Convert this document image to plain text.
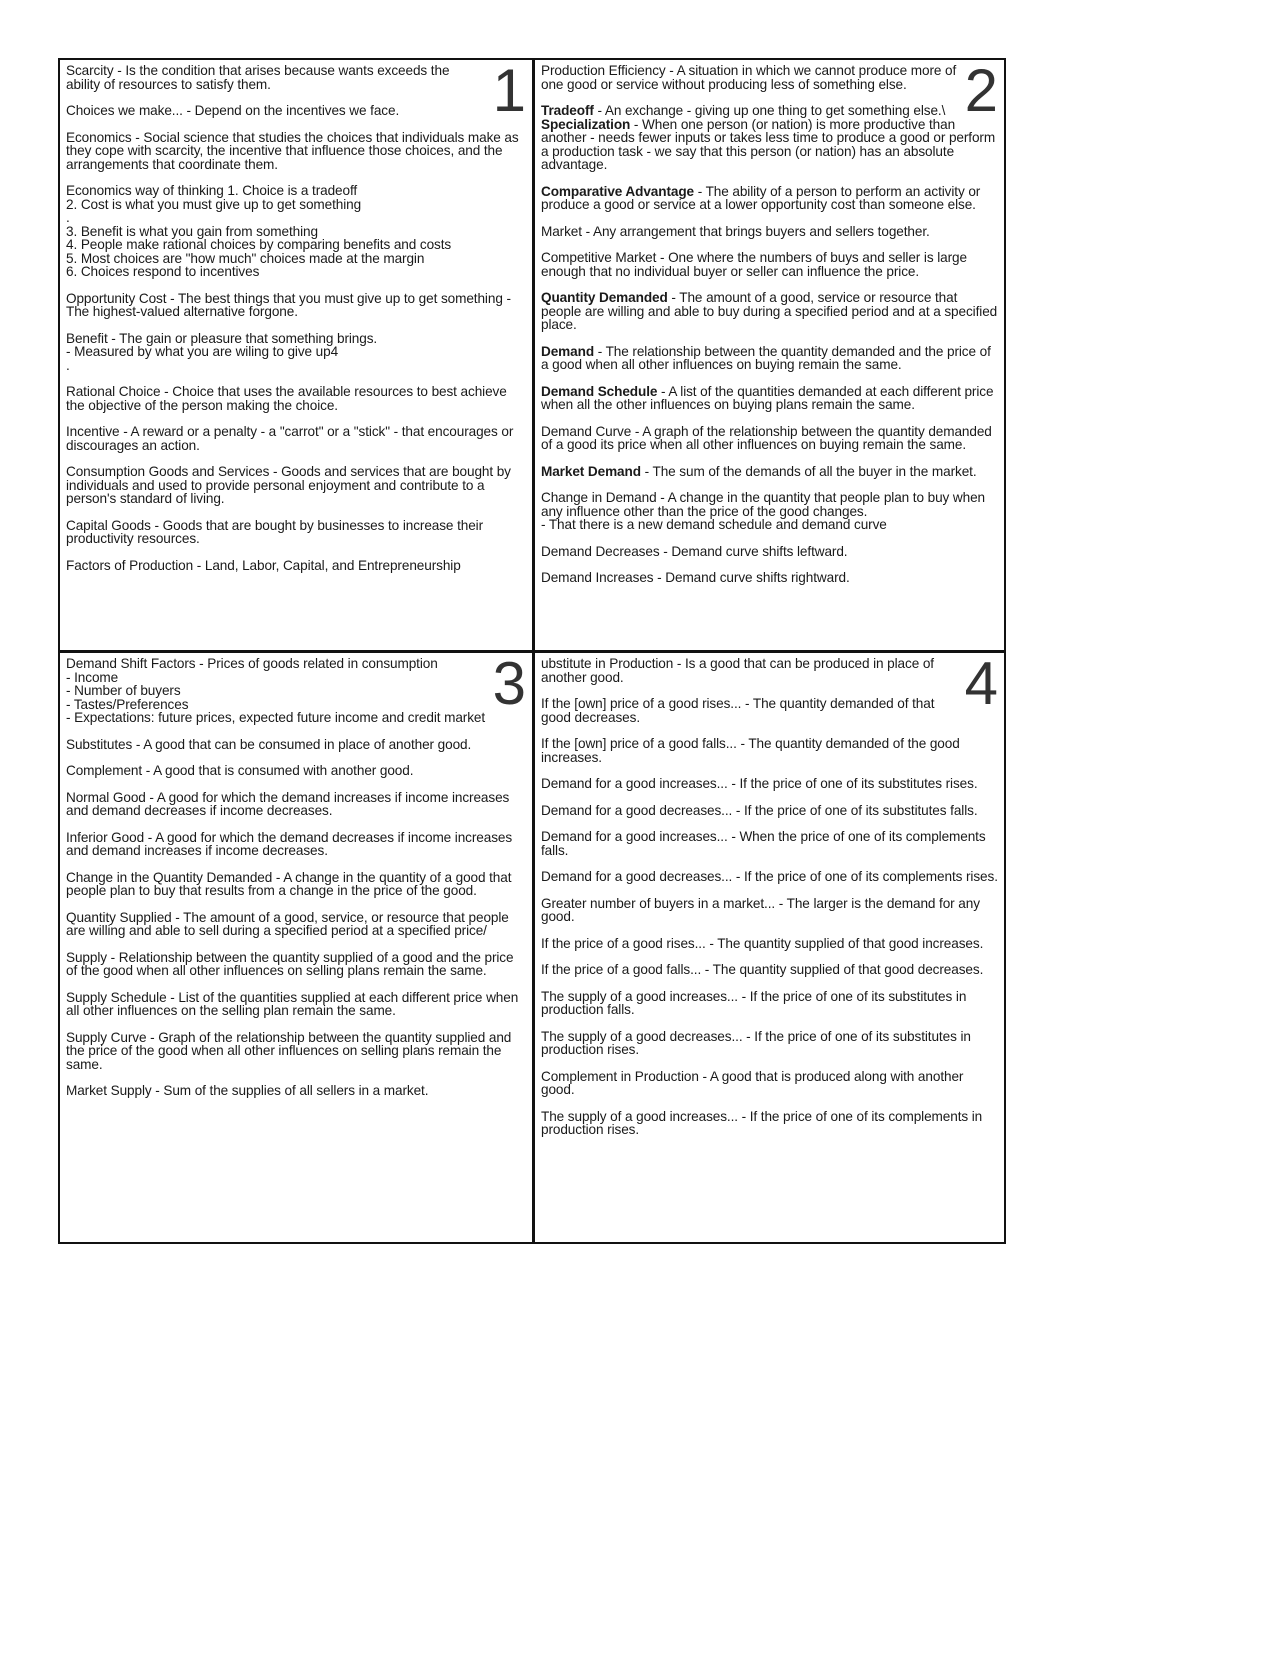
1
Scarcity - Is the condition that arises because wants exceeds the ability of resources to satisfy them.
Choices we make... - Depend on the incentives we face.
Economics - Social science that studies the choices that individuals make as they cope with scarcity, the incentive that influence those choices, and the arrangements that coordinate them.
Economics way of thinking 1. Choice is a tradeoff
2. Cost is what you must give up to get something
.
3. Benefit is what you gain from something
4. People make rational choices by comparing benefits and costs
5. Most choices are "how much" choices made at the margin
6. Choices respond to incentives
Opportunity Cost - The best things that you must give up to get something - The highest-valued alternative forgone.
Benefit - The gain or pleasure that something brings.
- Measured by what you are wiling to give up4
.
Rational Choice - Choice that uses the available resources to best achieve the objective of the person making the choice.
Incentive - A reward or a penalty - a "carrot" or a "stick" - that encourages or discourages an action.
Consumption Goods and Services - Goods and services that are bought by individuals and used to provide personal enjoyment and contribute to a person's standard of living.
Capital Goods - Goods that are bought by businesses to increase their productivity resources.
Factors of Production - Land, Labor, Capital, and Entrepreneurship
2
Production Efficiency - A situation in which we cannot produce more of one good or service without producing less of something else.
Tradeoff - An exchange - giving up one thing to get something else.\
Specialization - When one person (or nation) is more productive than another - needs fewer inputs or takes less time to produce a good or perform a production task - we say that this person (or nation) has an absolute advantage.
Comparative Advantage - The ability of a person to perform an activity or produce a good or service at a lower opportunity cost than someone else.
Market - Any arrangement that brings buyers and sellers together.
Competitive Market - One where the numbers of buys and seller is large enough that no individual buyer or seller can influence the price.
Quantity Demanded - The amount of a good, service or resource that people are willing and able to buy during a specified period and at a specified place.
Demand - The relationship between the quantity demanded and the price of a good when all other influences on buying remain the same.
Demand Schedule - A list of the quantities demanded at each different price when all the other influences on buying plans remain the same.
Demand Curve - A graph of the relationship between the quantity demanded of a good its price when all other influences on buying remain the same.
Market Demand - The sum of the demands of all the buyer in the market.
Change in Demand - A change in the quantity that people plan to buy when any influence other than the price of the good changes.
- That there is a new demand schedule and demand curve
Demand Decreases - Demand curve shifts leftward.
Demand Increases - Demand curve shifts rightward.
3
Demand Shift Factors - Prices of goods related in consumption
- Income
- Number of buyers
- Tastes/Preferences
- Expectations: future prices, expected future income and credit market
Substitutes - A good that can be consumed in place of another good.
Complement - A good that is consumed with another good.
Normal Good - A good for which the demand increases if income increases and demand decreases if income decreases.
Inferior Good - A good for which the demand decreases if income increases and demand increases if income decreases.
Change in the Quantity Demanded - A change in the quantity of a good that people plan to buy that results from a change in the price of the good.
Quantity Supplied - The amount of a good, service, or resource that people are willing and able to sell during a specified period at a specified price/
Supply - Relationship between the quantity supplied of a good and the price of the good when all other influences on selling plans remain the same.
Supply Schedule - List of the quantities supplied at each different price when all other influences on the selling plan remain the same.
Supply Curve - Graph of the relationship between the quantity supplied and the price of the good when all other influences on selling plans remain the same.
Market Supply - Sum of the supplies of all sellers in a market.
4
ubstitute in Production - Is a good that can be produced in place of another good.
If the [own] price of a good rises... - The quantity demanded of that good decreases.
If the [own] price of a good falls... - The quantity demanded of the good increases.
Demand for a good increases... - If the price of one of its substitutes rises.
Demand for a good decreases... - If the price of one of its substitutes falls.
Demand for a good increases... - When the price of one of its complements falls.
Demand for a good decreases... - If the price of one of its complements rises.
Greater number of buyers in a market... - The larger is the demand for any good.
If the price of a good rises... - The quantity supplied of that good increases.
If the price of a good falls... - The quantity supplied of that good decreases.
The supply of a good increases... - If the price of one of its substitutes in production falls.
The supply of a good decreases... - If the price of one of its substitutes in production rises.
Complement in Production - A good that is produced along with another good.
The supply of a good increases... - If the price of one of its complements in production rises.
